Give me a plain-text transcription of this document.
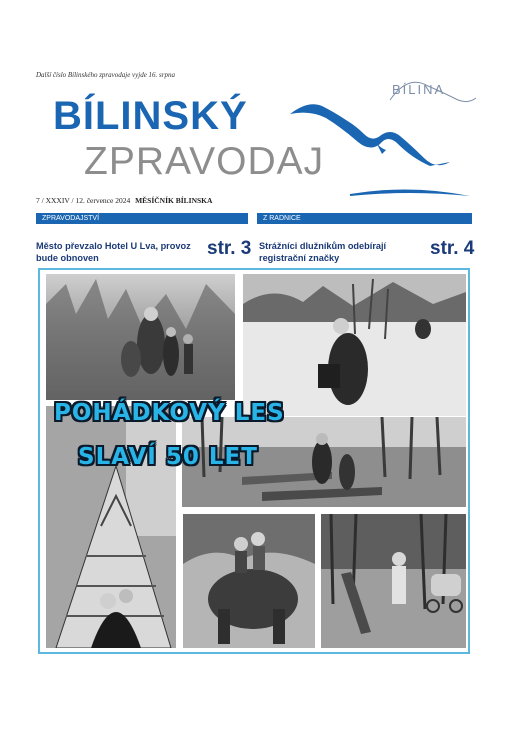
Další číslo Bílinského zpravodaje vyjde 16. srpna
BÍLINSKÝ
ZPRAVODAJ
BÍLINA
7 / XXXIV / 12. července 2024 MĚSÍČNÍK BÍLINSKA
ZPRAVODAJSTVÍ	Z RADNICE
Město převzalo Hotel U Lva, provoz bude obnoven	str. 3 Strážníci dlužníkům odebírají registrační značky	str. 4
POHÁDKOVÝ LES
SLAVÍ 50 LET
